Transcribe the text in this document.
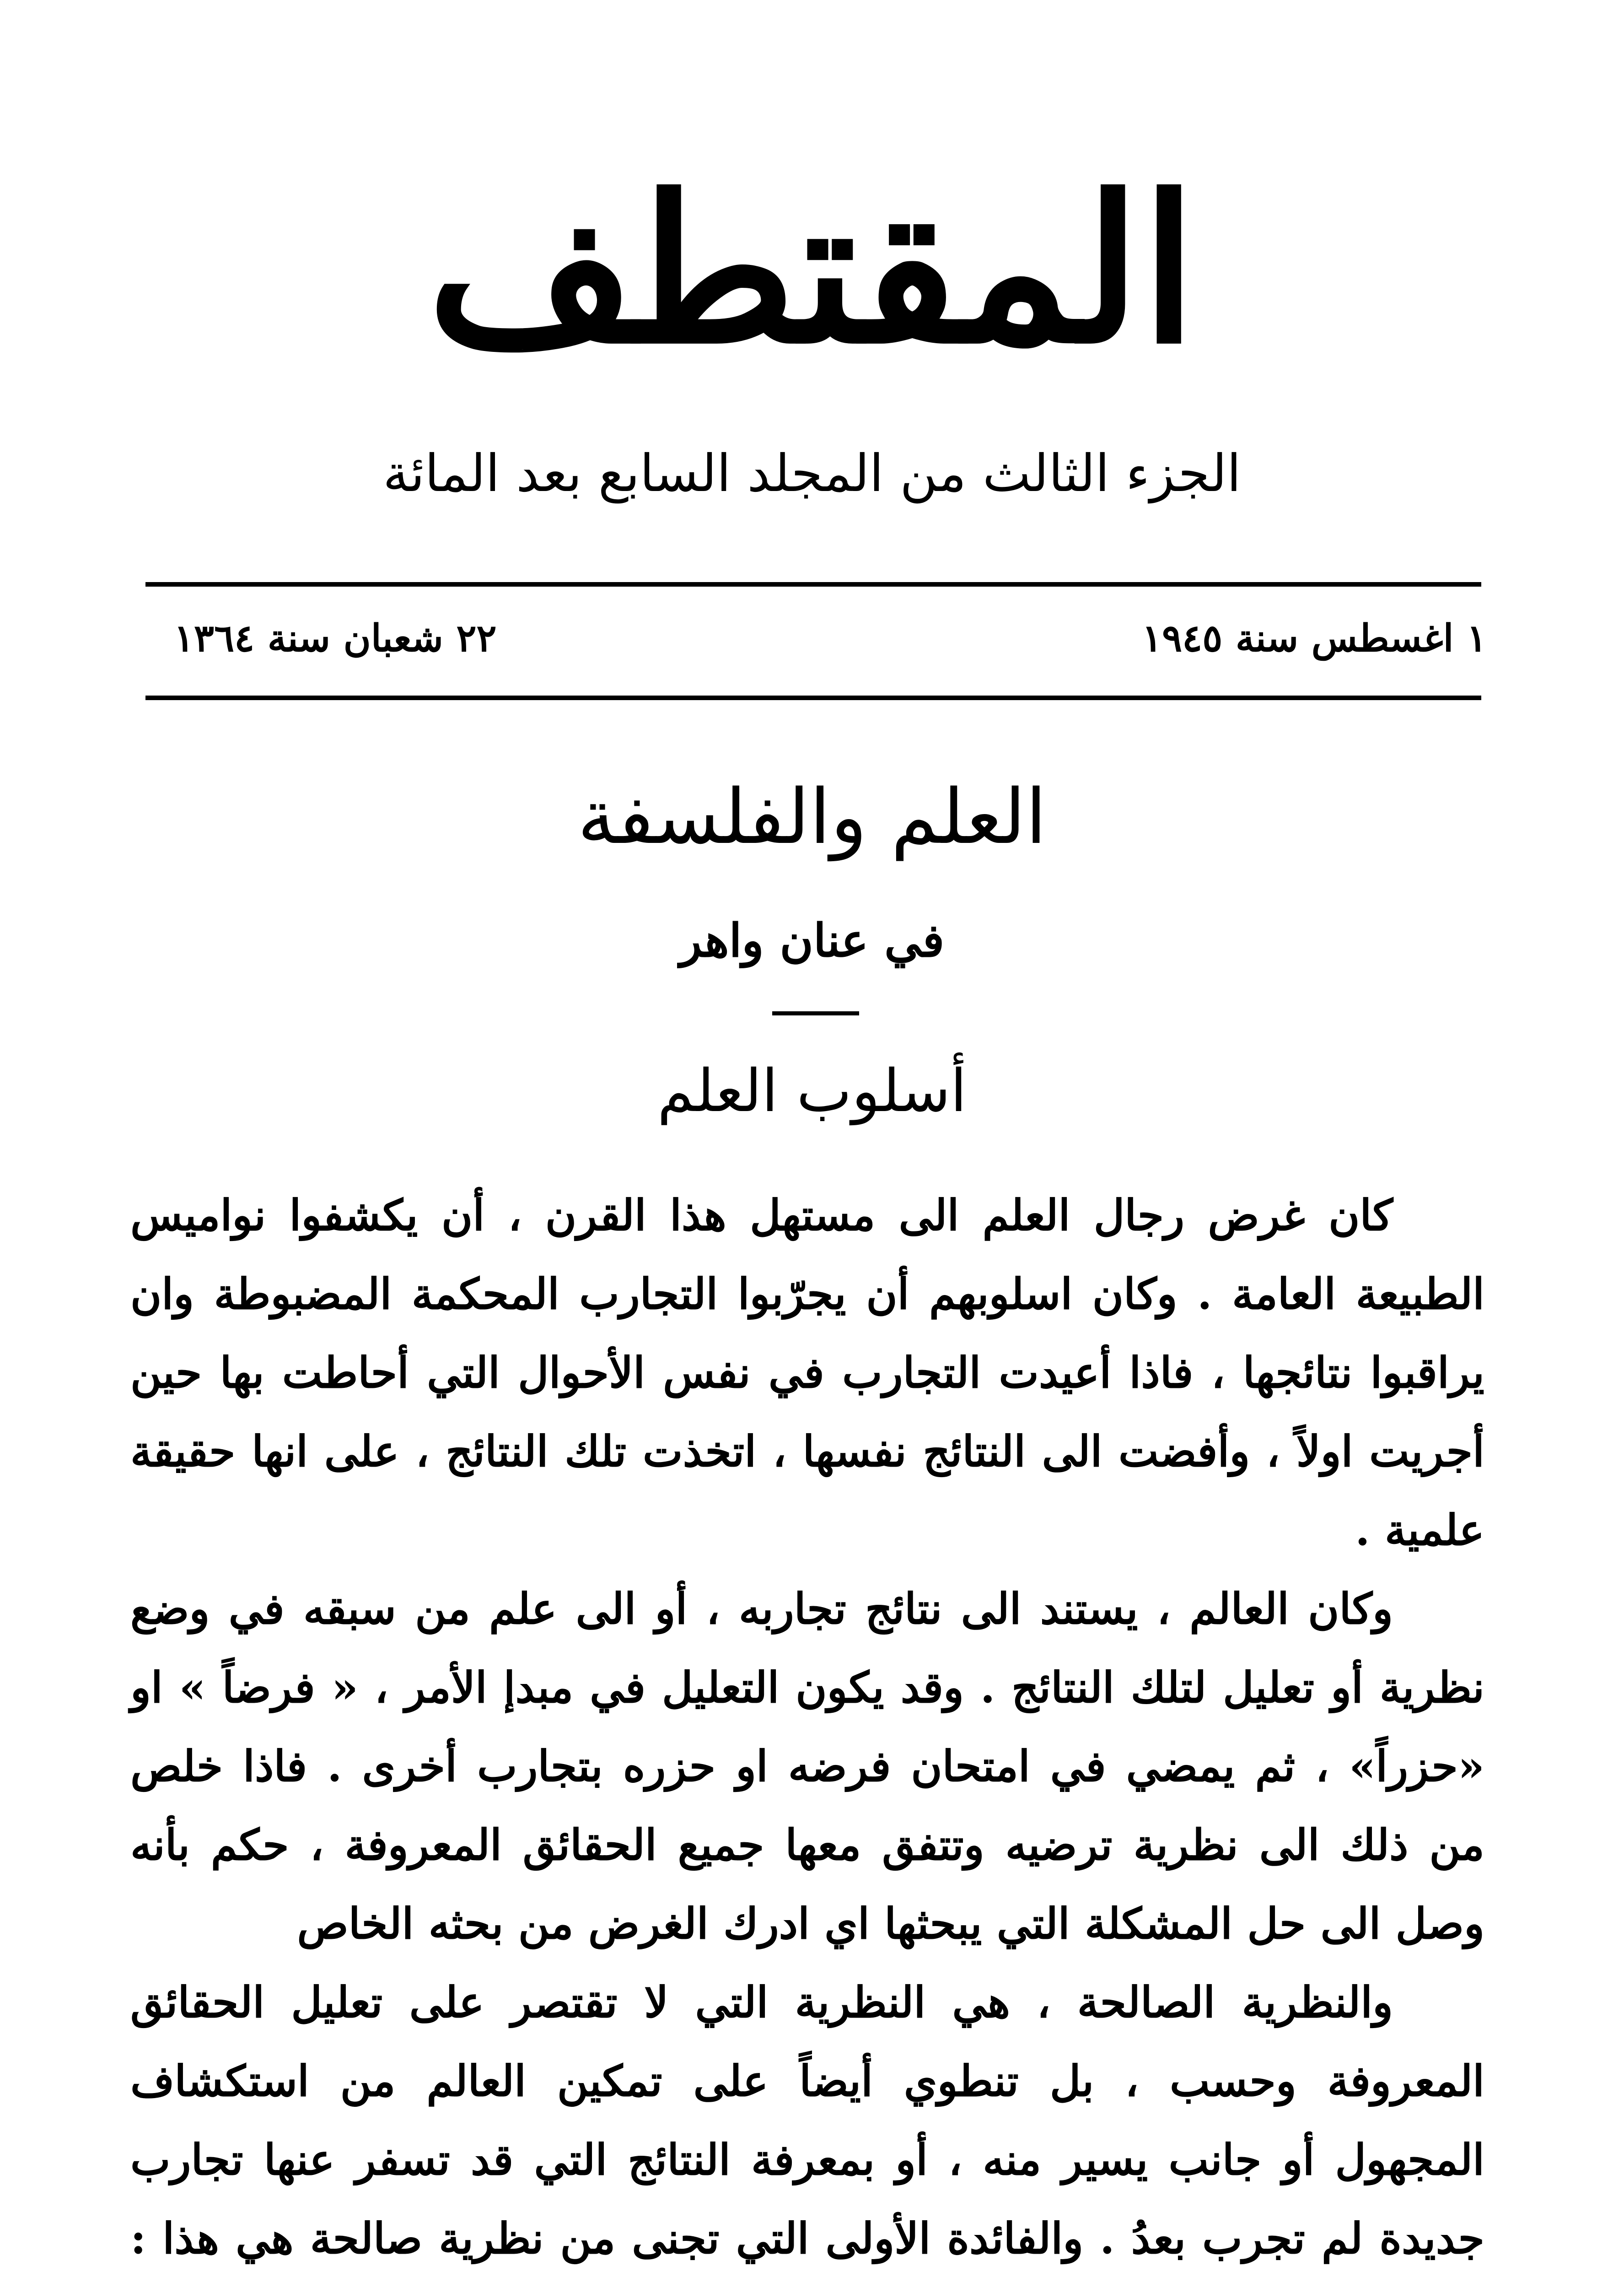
المقتطف
الجزء الثالث من المجلد السابع بعد المائة
٢٢ شعبان سنة ١٣٦٤	١ اغسطس سنة ١٩٤٥
العلم والفلسفة
في عنان واهر
أسلوب العلم

كان غرض رجال العلم الى مستهل هذا القرن ، أن يكشفوا نواميس الطبيعة العامة . وكان اسلوبهم أن يجرّبوا التجارب المحكمة المضبوطة وان يراقبوا نتائجها ، فاذا أعيدت التجارب في نفس الأحوال التي أحاطت بها حين أجريت اولاً ، وأفضت الى النتائج نفسها ، اتخذت تلك النتائج ، على انها حقيقة علمية .

وكان العالم ، يستند الى نتائج تجاربه ، أو الى علم من سبقه في وضع نظرية أو تعليل لتلك النتائج . وقد يكون التعليل في مبدإ الأمر ، « فرضاً » او «حزراً» ، ثم يمضي في امتحان فرضه او حزره بتجارب أخرى . فاذا خلص من ذلك الى نظرية ترضيه وتتفق معها جميع الحقائق المعروفة ، حكم بأنه وصل الى حل المشكلة التي يبحثها اي ادرك الغرض من بحثه الخاص

والنظرية الصالحة ، هي النظرية التي لا تقتصر على تعليل الحقائق المعروفة وحسب ، بل تنطوي أيضاً على تمكين العالم من استكشاف المجهول أو جانب يسير منه ، أو بمعرفة النتائج التي قد تسفر عنها تجارب جديدة لم تجرب بعدُ . والفائدة الأولى التي تجنى من نظرية صالحة هي هذا :
